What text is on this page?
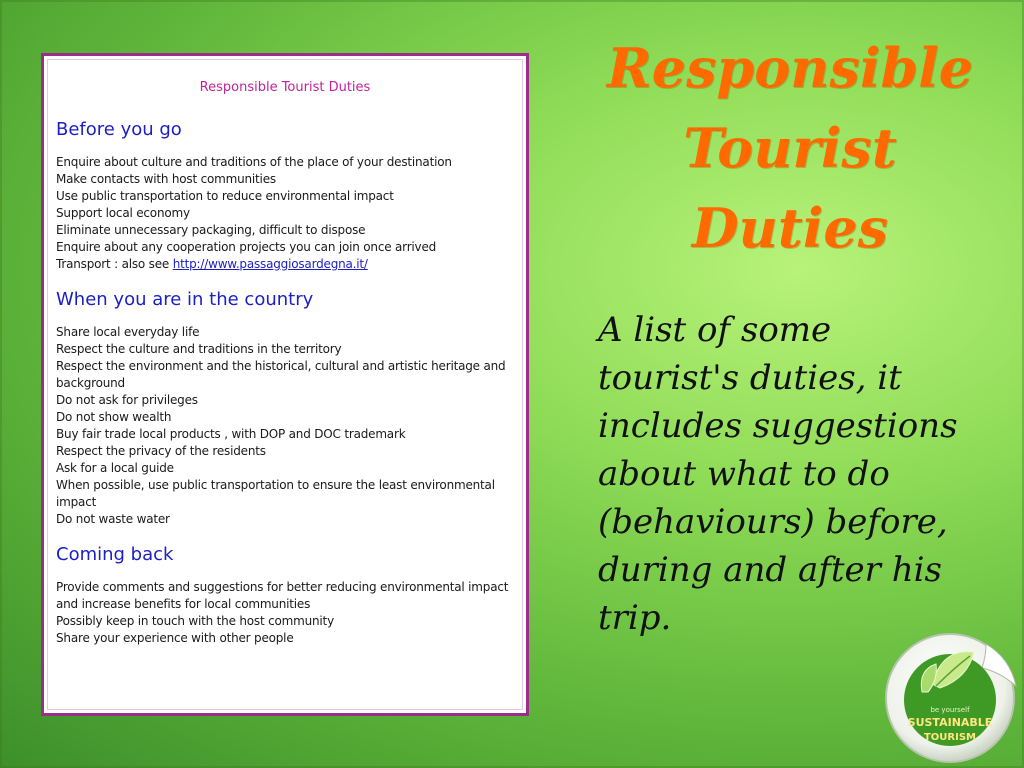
Responsible Tourist Duties

Before you go
Enquire about culture and traditions of the place of your destination
Make contacts with host communities
Use public transportation to reduce environmental impact
Support local economy
Eliminate unnecessary packaging, difficult to dispose
Enquire about any cooperation projects you can join once arrived
Transport : also see http://www.passaggiosardegna.it/
When you are in the country
Share local everyday life
Respect the culture and traditions in the territory
Respect the environment and the historical, cultural and artistic heritage and background
Do not ask for privileges
Do not show wealth
Buy fair trade local products , with DOP and DOC trademark
Respect the privacy of the residents
Ask for a local guide
When possible, use public transportation to ensure the least environmental impact
Do not waste water
Coming back
Provide comments and suggestions for better reducing environmental impact and increase benefits for local communities
Possibly keep in touch with the host community
Share your experience with other people
Responsible
Tourist
Duties

A list of some tourist's duties, it includes suggestions about what to do (behaviours) before, during and after his trip.

be yourself
SUSTAINABLE
TOURISM
